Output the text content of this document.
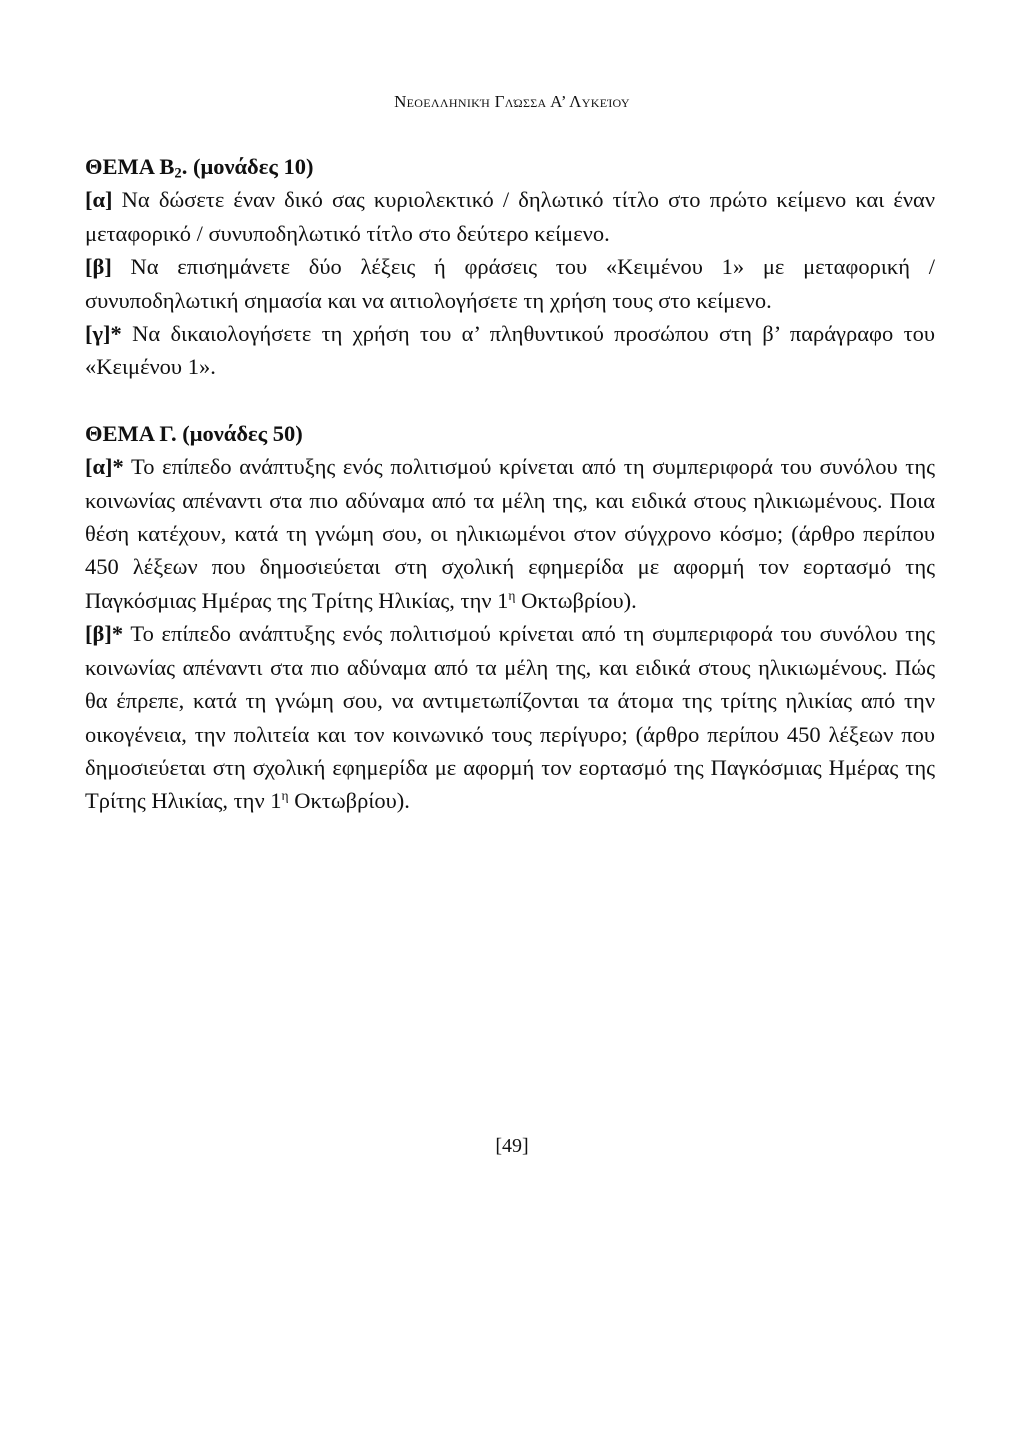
Νεοελληνική Γλώσσα Α’ Λυκείου

ΘΕΜΑ $B_2$. (μονάδες 10)

[α] Να δώσετε έναν δικό σας κυριολεκτικό / δηλωτικό τίτλο στο πρώτο κείμενο και έναν μεταφορικό / συνυποδηλωτικό τίτλο στο δεύτερο κείμενο.

[β] Να επισημάνετε δύο λέξεις ή φράσεις του «Κειμένου 1» με μεταφορική / συνυποδηλωτική σημασία και να αιτιολογήσετε τη χρήση τους στο κείμενο.

[γ]* Να δικαιολογήσετε τη χρήση του α’ πληθυντικού προσώπου στη β’ παράγραφο του «Κειμένου 1».

ΘΕΜΑ Γ. (μονάδες 50)

[α]* Το επίπεδο ανάπτυξης ενός πολιτισμού κρίνεται από τη συμπεριφορά του συνόλου της κοινωνίας απέναντι στα πιο αδύναμα από τα μέλη της, και ειδικά στους ηλικιωμένους. Ποια θέση κατέχουν, κατά τη γνώμη σου, οι ηλικιωμένοι στον σύγχρονο κόσμο; (άρθρο περίπου 450 λέξεων που δημοσιεύεται στη σχολική εφημερίδα με αφορμή τον εορτασμό της Παγκόσμιας Ημέρας της Τρίτης Ηλικίας, την $1^\eta$ Οκτωβρίου).

[β]* Το επίπεδο ανάπτυξης ενός πολιτισμού κρίνεται από τη συμπεριφορά του συνόλου της κοινωνίας απέναντι στα πιο αδύναμα από τα μέλη της, και ειδικά στους ηλικιωμένους. Πώς θα έπρεπε, κατά τη γνώμη σου, να αντιμετωπίζονται τα άτομα της τρίτης ηλικίας από την οικογένεια, την πολιτεία και τον κοινωνικό τους περίγυρο; (άρθρο περίπου 450 λέξεων που δημοσιεύεται στη σχολική εφημερίδα με αφορμή τον εορτασμό της Παγκόσμιας Ημέρας της Τρίτης Ηλικίας, την $1^\eta$ Οκτωβρίου).

[49]
